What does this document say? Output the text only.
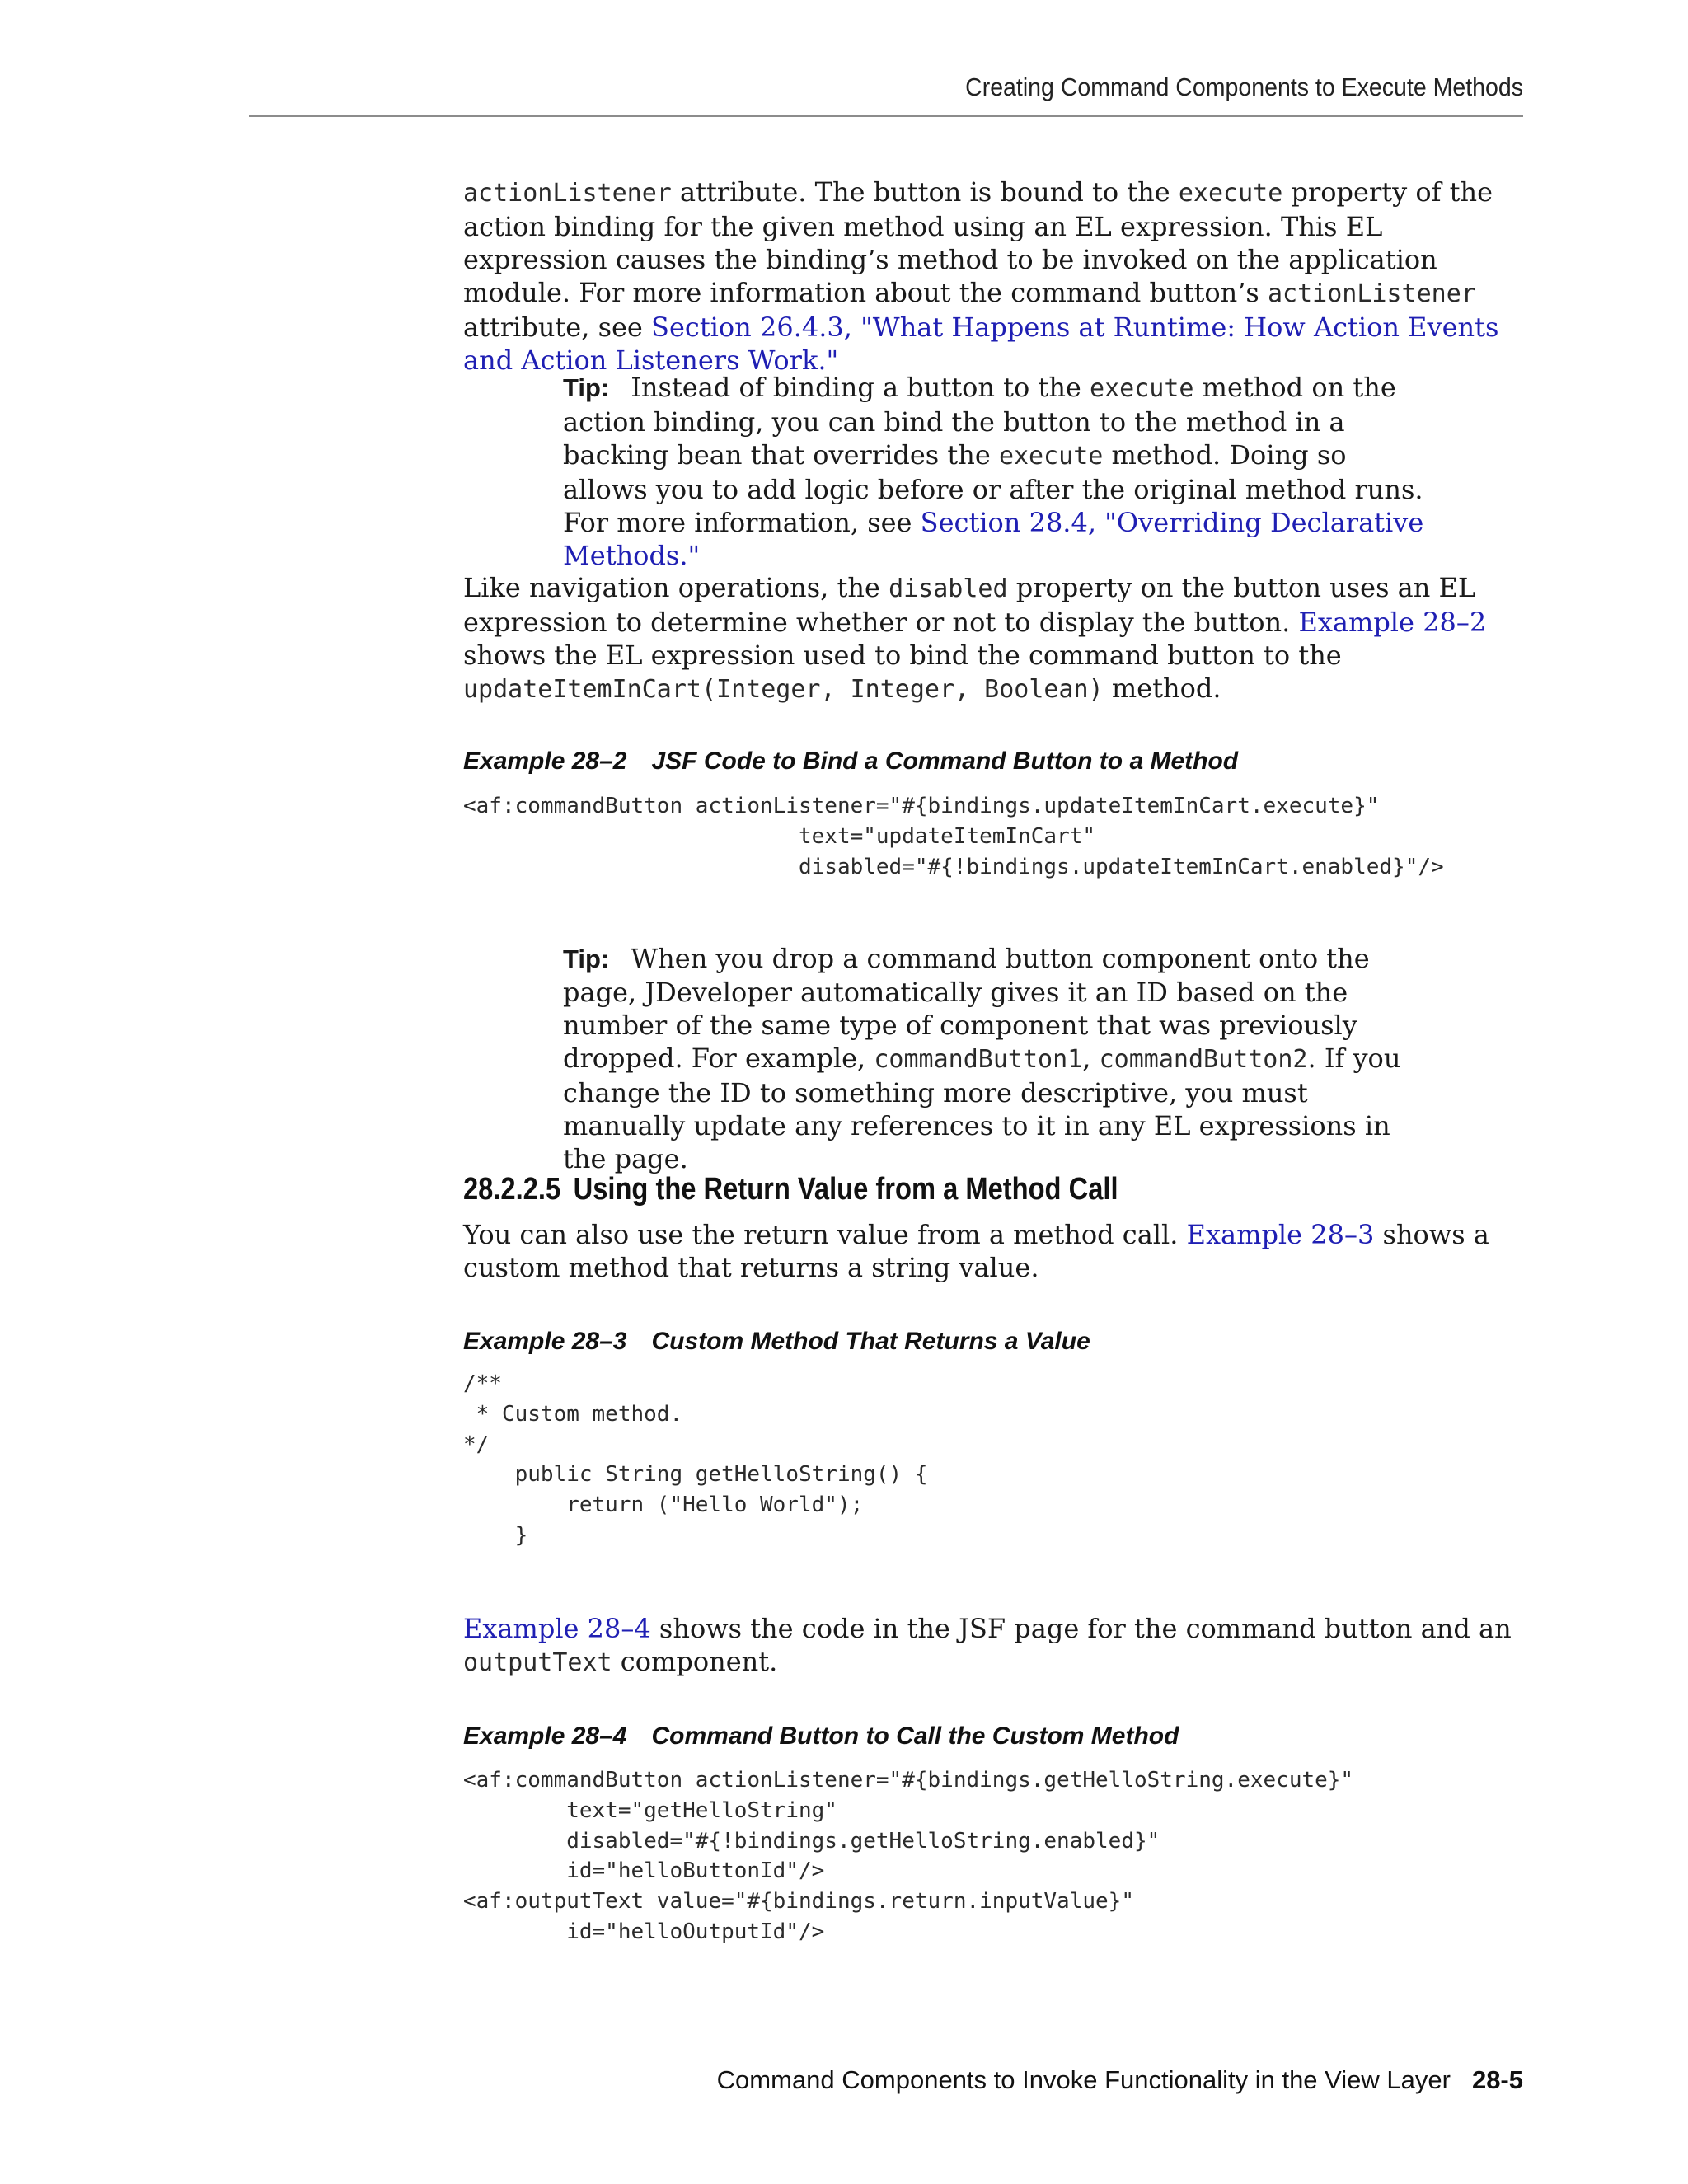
Creating Command Components to Execute Methods

actionListener attribute. The button is bound to the execute property of the action binding for the given method using an EL expression. This EL expression causes the binding’s method to be invoked on the application module. For more information about the command button’s actionListener attribute, see Section 26.4.3, "What Happens at Runtime: How Action Events and Action Listeners Work."

Tip: Instead of binding a button to the execute method on the action binding, you can bind the button to the method in a backing bean that overrides the execute method. Doing so allows you to add logic before or after the original method runs. For more information, see Section 28.4, "Overriding Declarative Methods."

Like navigation operations, the disabled property on the button uses an EL expression to determine whether or not to display the button. Example 28–2 shows the EL expression used to bind the command button to the updateItemInCart(Integer, Integer, Boolean) method.

Example 28–2 JSF Code to Bind a Command Button to a Method
<af:commandButton actionListener="#{bindings.updateItemInCart.execute}"
text="updateItemInCart"
disabled="#{!bindings.updateItemInCart.enabled}"/>

Tip: When you drop a command button component onto the page, JDeveloper automatically gives it an ID based on the number of the same type of component that was previously dropped. For example, commandButton1, commandButton2. If you change the ID to something more descriptive, you must manually update any references to it in any EL expressions in the page.

28.2.2.5 Using the Return Value from a Method Call

You can also use the return value from a method call. Example 28–3 shows a custom method that returns a string value.

Example 28–3 Custom Method That Returns a Value
/**
* Custom method.
*/
public String getHelloString() {
return ("Hello World");
}

Example 28–4 shows the code in the JSF page for the command button and an outputText component.

Example 28–4 Command Button to Call the Custom Method
<af:commandButton actionListener="#{bindings.getHelloString.execute}"
text="getHelloString"
disabled="#{!bindings.getHelloString.enabled}"
id="helloButtonId"/>
<af:outputText value="#{bindings.return.inputValue}"
id="helloOutputId"/>
Command Components to Invoke Functionality in the View Layer 28-5
